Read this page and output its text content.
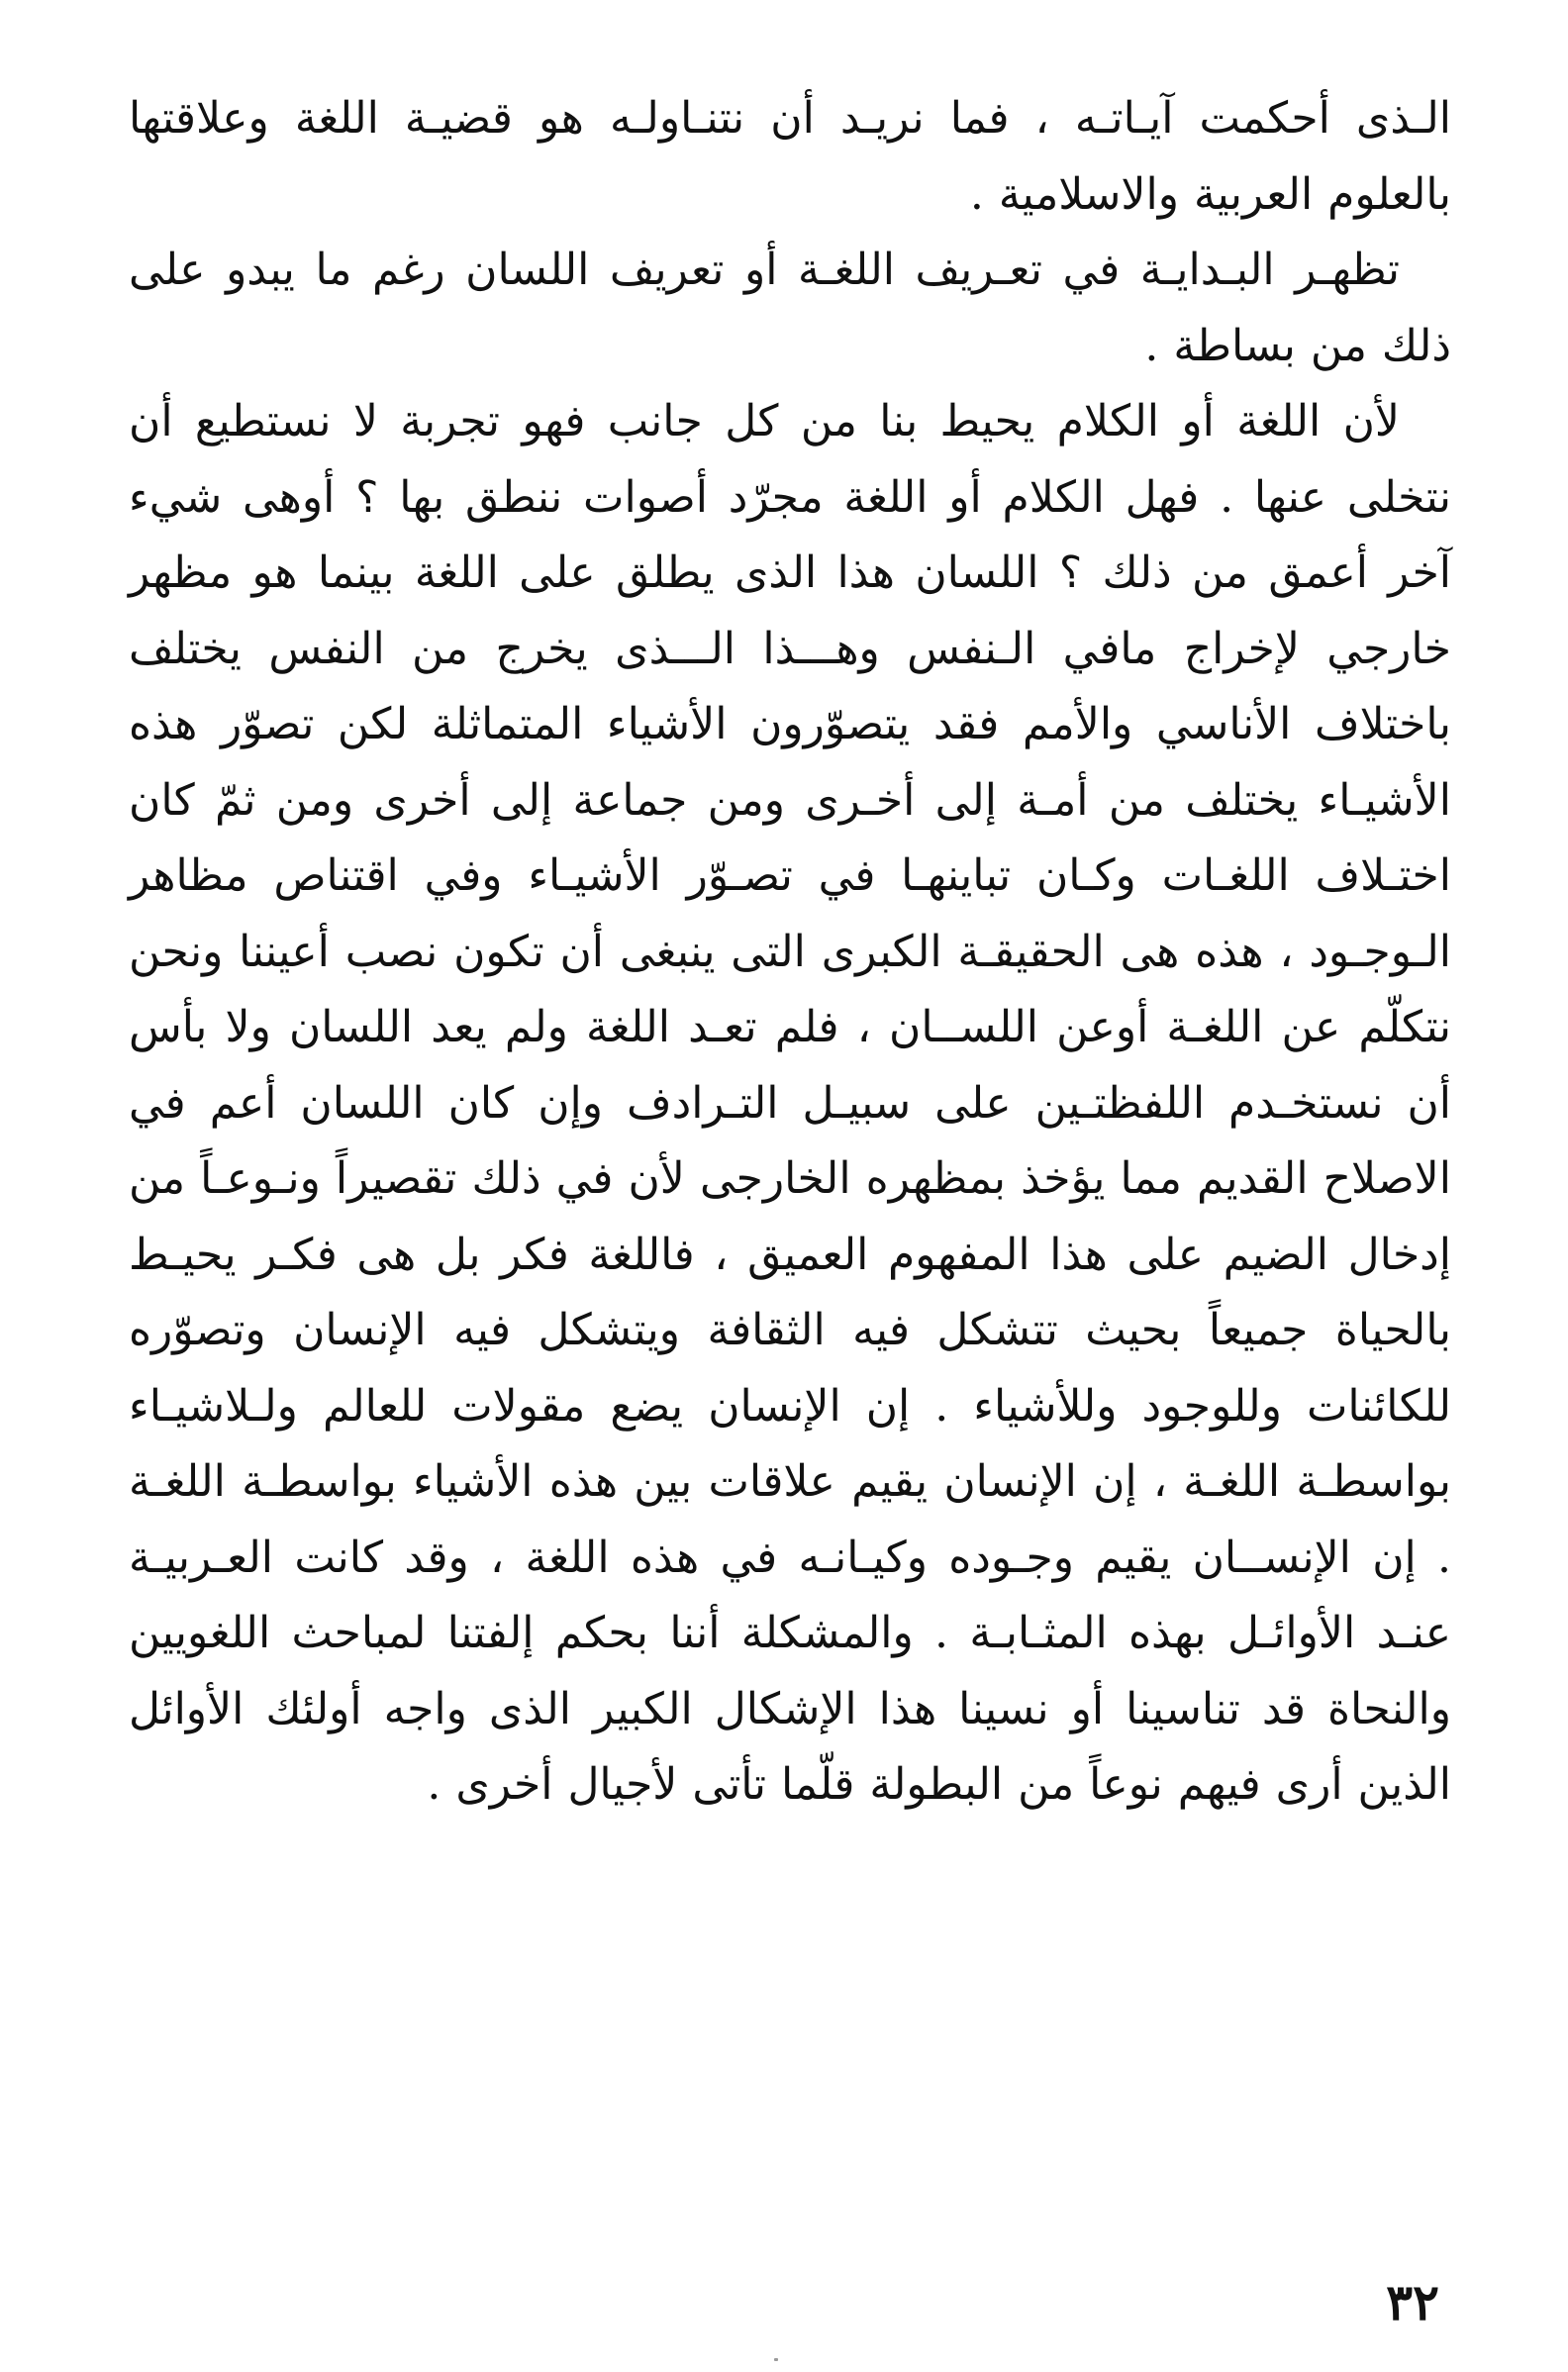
الـذى أحكمت آيـاتـه ، فما نريـد أن نتنـاولـه هو قضيـة اللغة وعلاقتها بالعلوم العربية والاسلامية .

تظهـر البـدايـة في تعـريف اللغـة أو تعريف اللسان رغم ما يبدو على ذلك من بساطة .

لأن اللغة أو الكلام يحيط بنا من كل جانب فهو تجربة لا نستطيع أن نتخلى عنها . فهل الكلام أو اللغة مجرّد أصوات ننطق بها ؟ أوهى شيء آخر أعمق من ذلك ؟ اللسان هذا الذى يطلق على اللغة بينما هو مظهر خارجي لإخراج مافي الـنفس وهـــذا الـــذى يخرج من النفس يختلف باختلاف الأناسي والأمم فقد يتصوّرون الأشياء المتماثلة لكن تصوّر هذه الأشيـاء يختلف من أمـة إلى أخـرى ومن جماعة إلى أخرى ومن ثمّ كان اختـلاف اللغـات وكـان تباينهـا في تصـوّر الأشيـاء وفي اقتناص مظاهر الـوجـود ، هذه هى الحقيقـة الكبرى التى ينبغى أن تكون نصب أعيننا ونحن نتكلّم عن اللغـة أوعن اللســان ، فلم تعـد اللغة ولم يعد اللسان ولا بأس أن نستخـدم اللفظتـين على سبيـل التـرادف وإن كان اللسان أعم في الاصلاح القديم مما يؤخذ بمظهره الخارجى لأن في ذلك تقصيراً ونـوعـاً من إدخال الضيم على هذا المفهوم العميق ، فاللغة فكر بل هى فكـر يحيـط بالحياة جميعاً بحيث تتشكل فيه الثقافة ويتشكل فيه الإنسان وتصوّره للكائنات وللوجود وللأشياء . إن الإنسان يضع مقولات للعالم ولـلاشيـاء بواسطـة اللغـة ، إن الإنسان يقيم علاقات بين هذه الأشياء بواسطـة اللغـة . إن الإنســان يقيم وجـوده وكيـانـه في هذه اللغة ، وقد كانت العـربيـة عنـد الأوائـل بهذه المثـابـة . والمشكلة أننا بحكم إلفتنا لمباحث اللغويين والنحاة قد تناسينا أو نسينا هذا الإشكال الكبير الذى واجه أولئك الأوائل الذين أرى فيهم نوعاً من البطولة قلّما تأتى لأجيال أخرى .

٣٢
